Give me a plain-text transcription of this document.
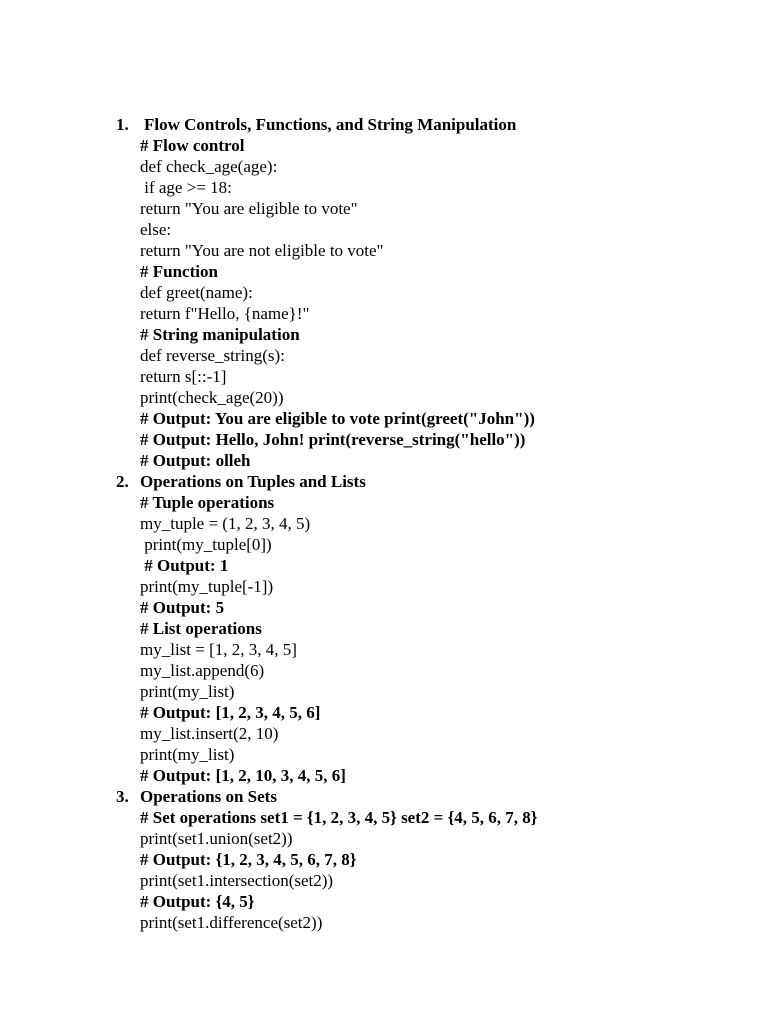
1. Flow Controls, Functions, and String Manipulation
# Flow control
def check_age(age):
if age >= 18:
return "You are eligible to vote"
else:
return "You are not eligible to vote"
# Function
def greet(name):
return f"Hello, {name}!"
# String manipulation
def reverse_string(s):
return s[::-1]
print(check_age(20))
# Output: You are eligible to vote print(greet("John"))
# Output: Hello, John! print(reverse_string("hello"))
# Output: olleh
2. Operations on Tuples and Lists
# Tuple operations
my_tuple = (1, 2, 3, 4, 5)
print(my_tuple[0])
# Output: 1
print(my_tuple[-1])
# Output: 5
# List operations
my_list = [1, 2, 3, 4, 5]
my_list.append(6)
print(my_list)
# Output: [1, 2, 3, 4, 5, 6]
my_list.insert(2, 10)
print(my_list)
# Output: [1, 2, 10, 3, 4, 5, 6]
3. Operations on Sets
# Set operations set1 = {1, 2, 3, 4, 5} set2 = {4, 5, 6, 7, 8}
print(set1.union(set2))
# Output: {1, 2, 3, 4, 5, 6, 7, 8}
print(set1.intersection(set2))
# Output: {4, 5}
print(set1.difference(set2))
